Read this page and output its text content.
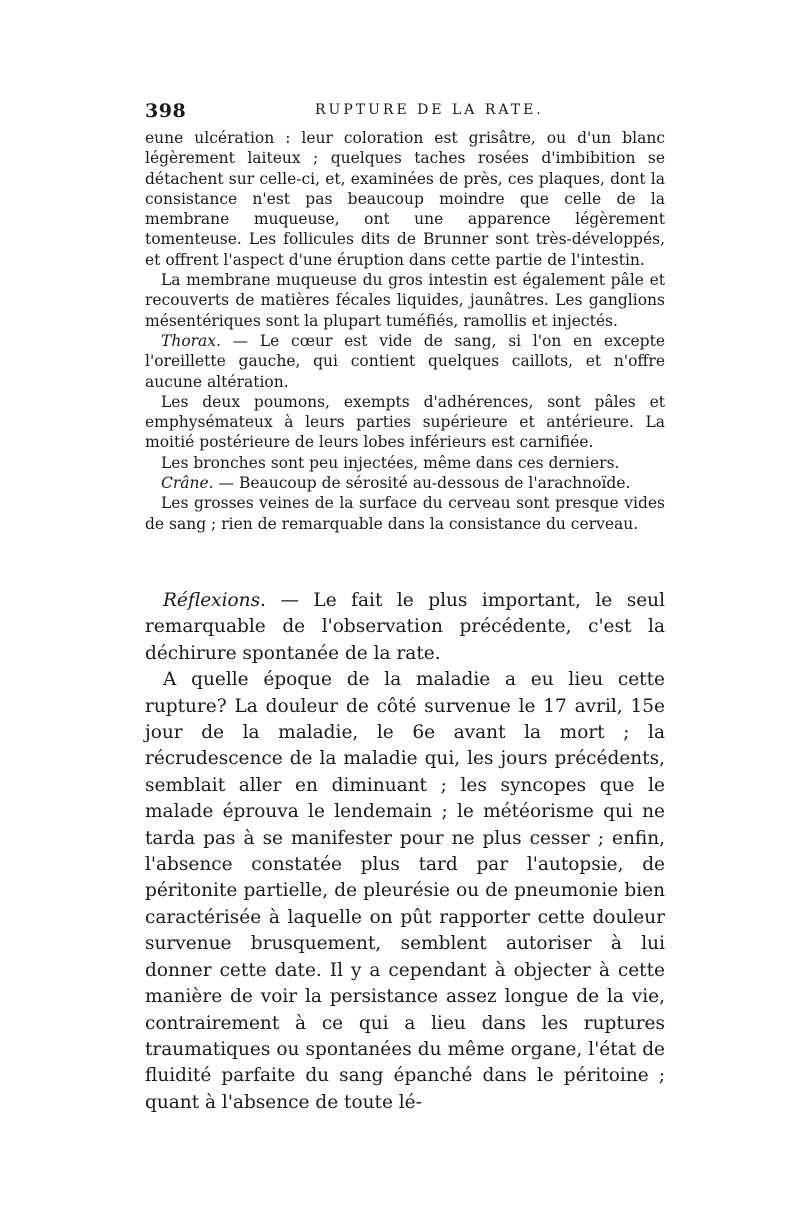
398	RUPTURE DE LA RATE.

eune ulcération : leur coloration est grisâtre, ou d'un blanc légèrement laiteux ; quelques taches rosées d'imbibition se détachent sur celle-ci, et, examinées de près, ces plaques, dont la consistance n'est pas beaucoup moindre que celle de la membrane muqueuse, ont une apparence légèrement tomenteuse. Les follicules dits de Brunner sont très-développés, et offrent l'aspect d'une éruption dans cette partie de l'intestin.

La membrane muqueuse du gros intestin est également pâle et recouverts de matières fécales liquides, jaunâtres. Les ganglions mésentériques sont la plupart tuméfiés, ramollis et injectés.

Thorax. — Le cœur est vide de sang, si l'on en excepte l'oreillette gauche, qui contient quelques caillots, et n'offre aucune altération.

Les deux poumons, exempts d'adhérences, sont pâles et emphysémateux à leurs parties supérieure et antérieure. La moitié postérieure de leurs lobes inférieurs est carnifiée.

Les bronches sont peu injectées, même dans ces derniers.

Crâne. — Beaucoup de sérosité au-dessous de l'arachnoïde.

Les grosses veines de la surface du cerveau sont presque vides de sang ; rien de remarquable dans la consistance du cerveau.

Réflexions. — Le fait le plus important, le seul remarquable de l'observation précédente, c'est la déchirure spontanée de la rate.

A quelle époque de la maladie a eu lieu cette rupture? La douleur de côté survenue le 17 avril, 15e jour de la maladie, le 6e avant la mort ; la récrudescence de la maladie qui, les jours précédents, semblait aller en diminuant ; les syncopes que le malade éprouva le lendemain ; le météorisme qui ne tarda pas à se manifester pour ne plus cesser ; enfin, l'absence constatée plus tard par l'autopsie, de péritonite partielle, de pleurésie ou de pneumonie bien caractérisée à laquelle on pût rapporter cette douleur survenue brusquement, semblent autoriser à lui donner cette date. Il y a cependant à objecter à cette manière de voir la persistance assez longue de la vie, contrairement à ce qui a lieu dans les ruptures traumatiques ou spontanées du même organe, l'état de fluidité parfaite du sang épanché dans le péritoine ; quant à l'absence de toute lé-
